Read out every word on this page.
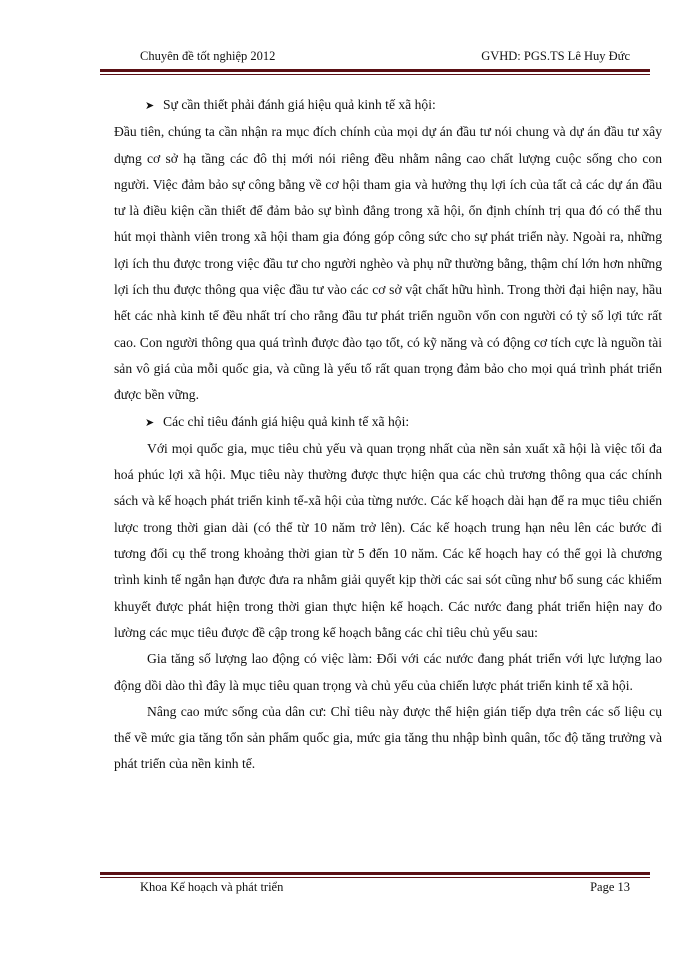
Chuyên đề tốt nghiệp 2012	GVHD: PGS.TS Lê Huy Đức

➤ Sự cần thiết phải đánh giá hiệu quả kinh tế xã hội:

Đầu tiên, chúng ta cần nhận ra mục đích chính của mọi dự án đầu tư nói chung và dự án đầu tư xây dựng cơ sở hạ tầng các đô thị mới nói riêng đều nhằm nâng cao chất lượng cuộc sống cho con người. Việc đảm bảo sự công bằng về cơ hội tham gia và hưởng thụ lợi ích của tất cả các dự án đầu tư là điều kiện cần thiết để đảm bảo sự bình đẳng trong xã hội, ổn định chính trị qua đó có thể thu hút mọi thành viên trong xã hội tham gia đóng góp công sức cho sự phát triển này. Ngoài ra, những lợi ích thu được trong việc đầu tư cho người nghèo và phụ nữ thường bằng, thậm chí lớn hơn những lợi ích thu được thông qua việc đầu tư vào các cơ sở vật chất hữu hình. Trong thời đại hiện nay, hầu hết các nhà kinh tế đều nhất trí cho rằng đầu tư phát triển nguồn vốn con người có tỷ số lợi tức rất cao. Con người thông qua quá trình được đào tạo tốt, có kỹ năng và có động cơ tích cực là nguồn tài sản vô giá của mỗi quốc gia, và cũng là yếu tố rất quan trọng đảm bảo cho mọi quá trình phát triển được bền vững.

➤ Các chỉ tiêu đánh giá hiệu quả kinh tế xã hội:

Với mọi quốc gia, mục tiêu chủ yếu và quan trọng nhất của nền sản xuất xã hội là việc tối đa hoá phúc lợi xã hội. Mục tiêu này thường được thực hiện qua các chủ trương thông qua các chính sách và kế hoạch phát triển kinh tế-xã hội của từng nước. Các kế hoạch dài hạn để ra mục tiêu chiến lược trong thời gian dài (có thể từ 10 năm trở lên). Các kế hoạch trung hạn nêu lên các bước đi tương đối cụ thể trong khoảng thời gian từ 5 đến 10 năm. Các kế hoạch hay có thể gọi là chương trình kinh tế ngắn hạn được đưa ra nhằm giải quyết kịp thời các sai sót cũng như bổ sung các khiếm khuyết được phát hiện trong thời gian thực hiện kế hoạch. Các nước đang phát triển hiện nay đo lường các mục tiêu được đề cập trong kế hoạch bằng các chỉ tiêu chủ yếu sau:

Gia tăng số lượng lao động có việc làm: Đối với các nước đang phát triển với lực lượng lao động dồi dào thì đây là mục tiêu quan trọng và chủ yếu của chiến lược phát triển kinh tế xã hội.

Nâng cao mức sống của dân cư: Chỉ tiêu này được thể hiện gián tiếp dựa trên các số liệu cụ thể về mức gia tăng tổn sản phẩm quốc gia, mức gia tăng thu nhập bình quân, tốc độ tăng trưởng và phát triển của nền kinh tế.

Khoa Kế hoạch và phát triển	Page 13
